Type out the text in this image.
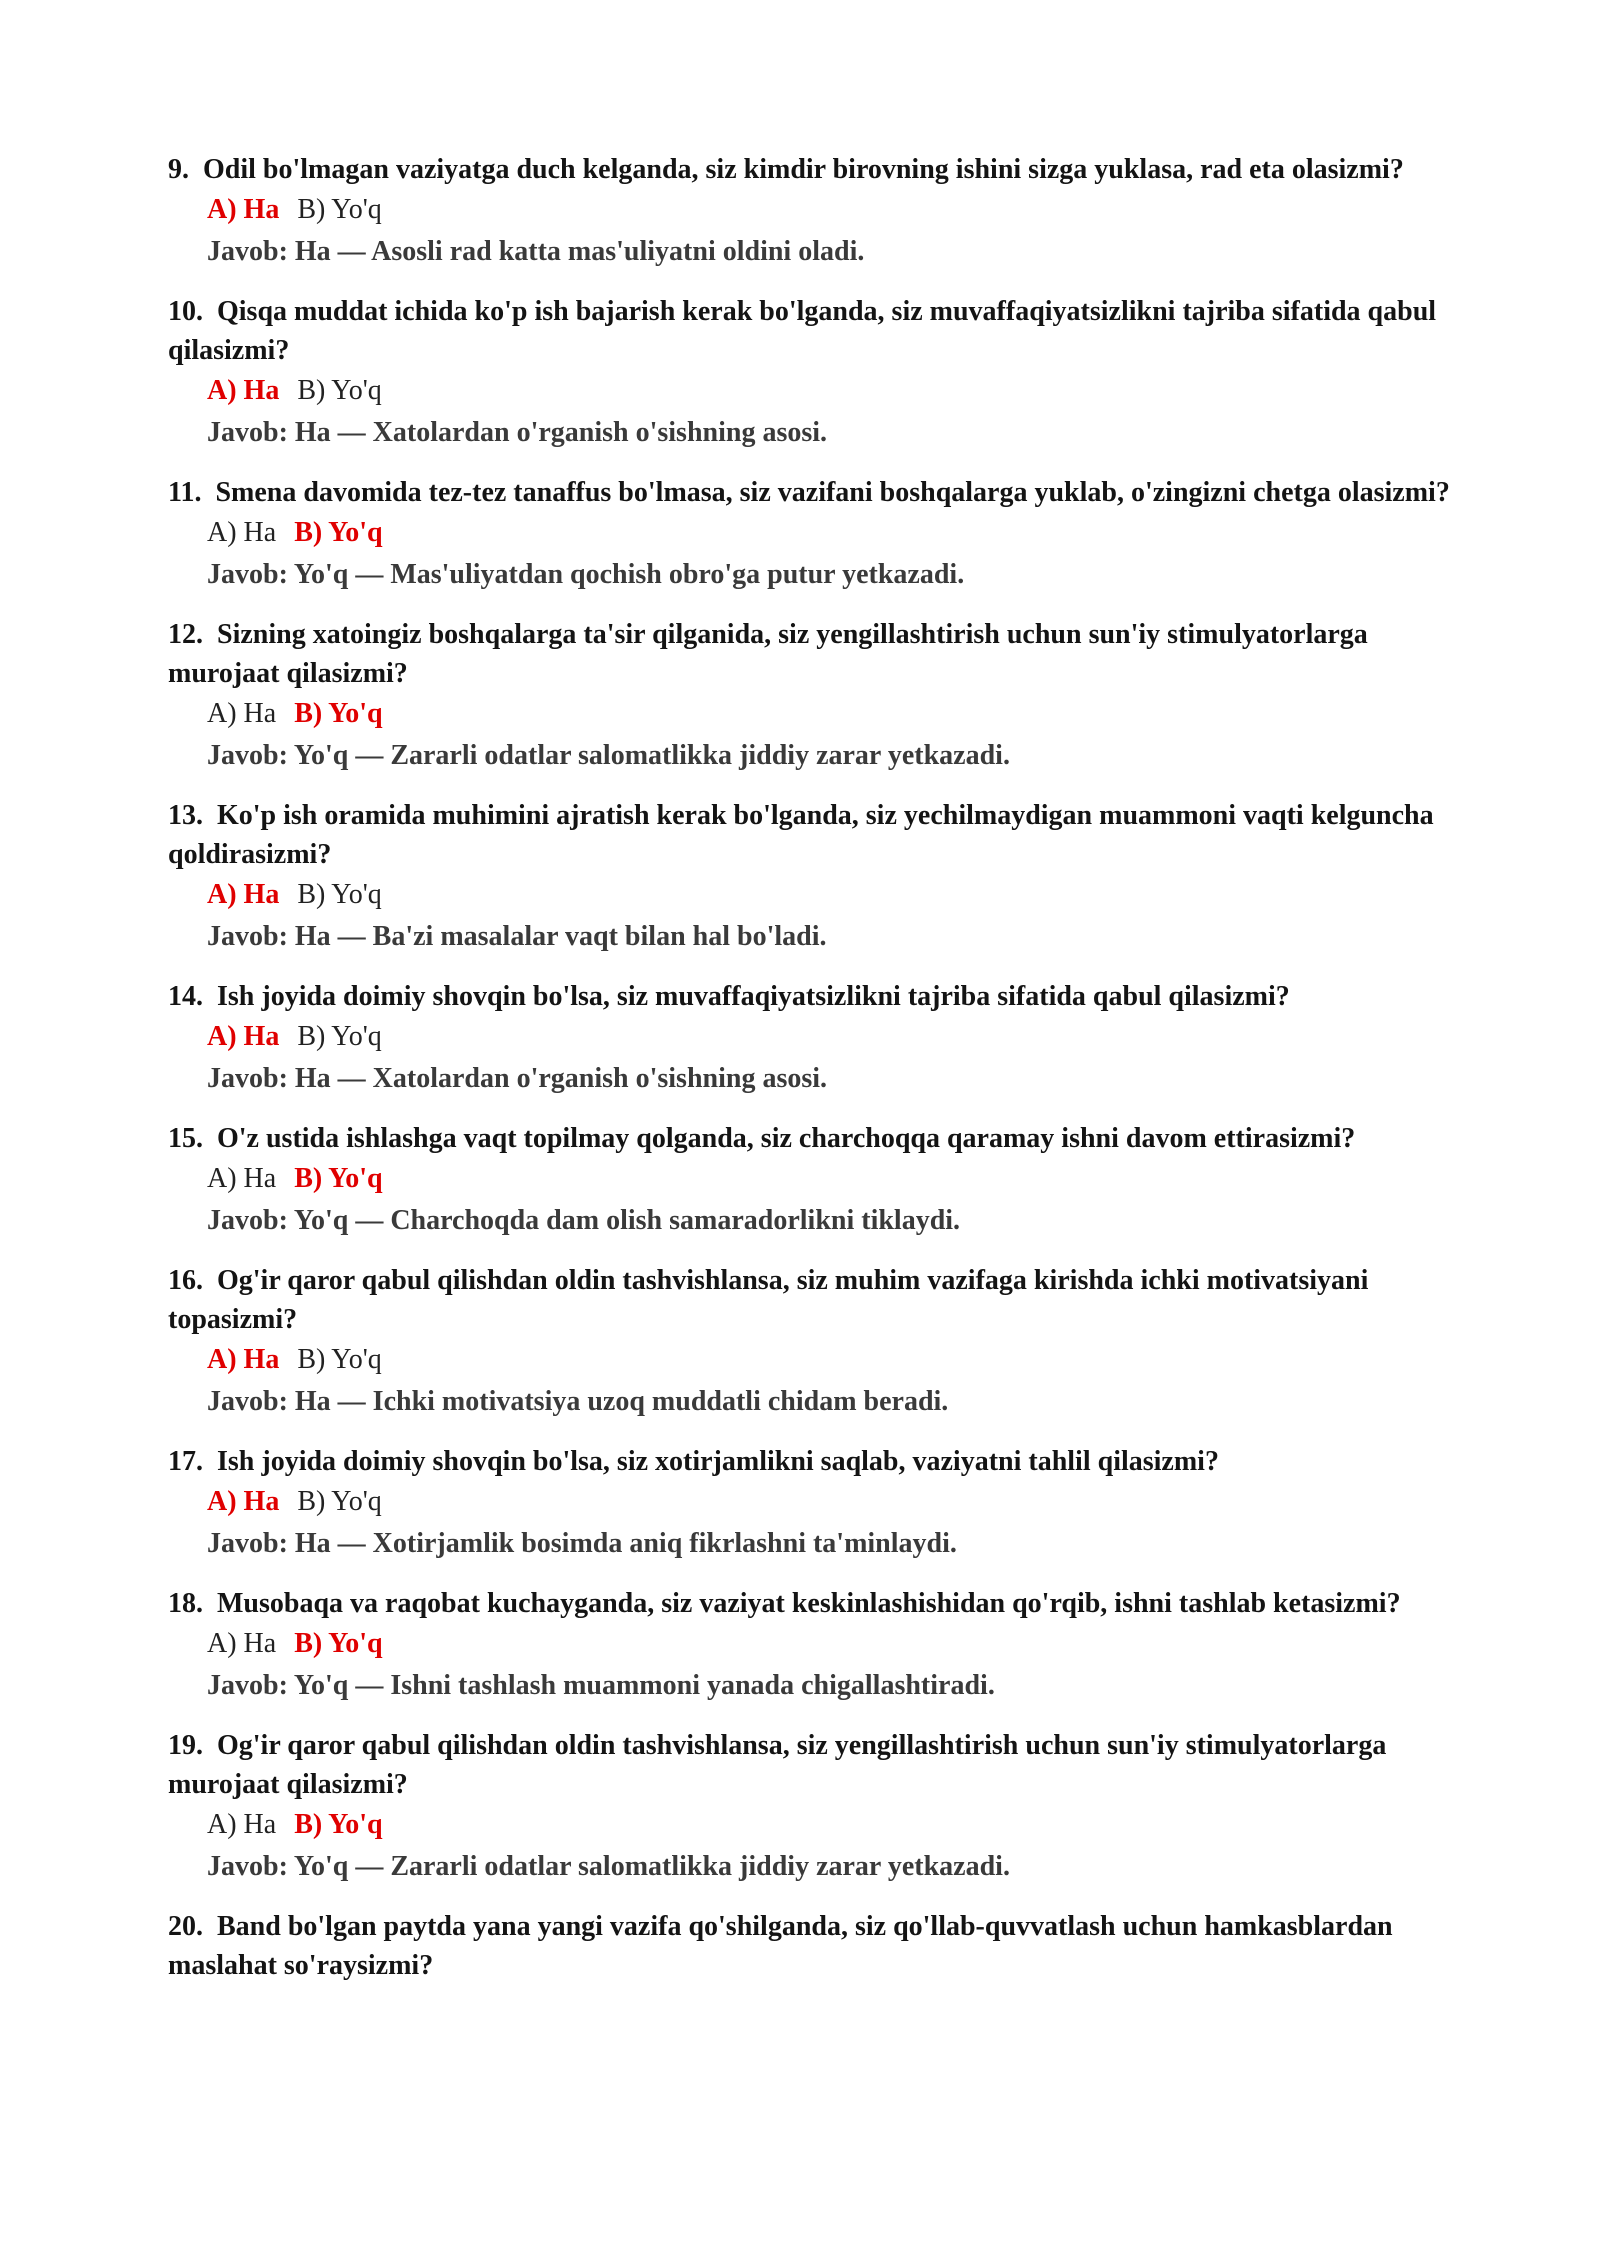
9. Odil bo'lmagan vaziyatga duch kelganda, siz kimdir birovning ishini sizga yuklasa, rad eta olasizmi?
A) Ha B) Yo'q
Javob: Ha — Asosli rad katta mas'uliyatni oldini oladi.
10. Qisqa muddat ichida ko'p ish bajarish kerak bo'lganda, siz muvaffaqiyatsizlikni tajriba sifatida qabul qilasizmi?
A) Ha B) Yo'q
Javob: Ha — Xatolardan o'rganish o'sishning asosi.
11. Smena davomida tez-tez tanaffus bo'lmasa, siz vazifani boshqalarga yuklab, o'zingizni chetga olasizmi?
A) Ha B) Yo'q
Javob: Yo'q — Mas'uliyatdan qochish obro'ga putur yetkazadi.
12. Sizning xatoingiz boshqalarga ta'sir qilganida, siz yengillashtirish uchun sun'iy stimulyatorlarga murojaat qilasizmi?
A) Ha B) Yo'q
Javob: Yo'q — Zararli odatlar salomatlikka jiddiy zarar yetkazadi.
13. Ko'p ish oramida muhimini ajratish kerak bo'lganda, siz yechilmaydigan muammoni vaqti kelguncha qoldirasizmi?
A) Ha B) Yo'q
Javob: Ha — Ba'zi masalalar vaqt bilan hal bo'ladi.
14. Ish joyida doimiy shovqin bo'lsa, siz muvaffaqiyatsizlikni tajriba sifatida qabul qilasizmi?
A) Ha B) Yo'q
Javob: Ha — Xatolardan o'rganish o'sishning asosi.
15. O'z ustida ishlashga vaqt topilmay qolganda, siz charchoqqa qaramay ishni davom ettirasizmi?
A) Ha B) Yo'q
Javob: Yo'q — Charchoqda dam olish samaradorlikni tiklaydi.
16. Og'ir qaror qabul qilishdan oldin tashvishlansa, siz muhim vazifaga kirishda ichki motivatsiyani topasizmi?
A) Ha B) Yo'q
Javob: Ha — Ichki motivatsiya uzoq muddatli chidam beradi.
17. Ish joyida doimiy shovqin bo'lsa, siz xotirjamlikni saqlab, vaziyatni tahlil qilasizmi?
A) Ha B) Yo'q
Javob: Ha — Xotirjamlik bosimda aniq fikrlashni ta'minlaydi.
18. Musobaqa va raqobat kuchayganda, siz vaziyat keskinlashishidan qo'rqib, ishni tashlab ketasizmi?
A) Ha B) Yo'q
Javob: Yo'q — Ishni tashlash muammoni yanada chigallashtiradi.
19. Og'ir qaror qabul qilishdan oldin tashvishlansa, siz yengillashtirish uchun sun'iy stimulyatorlarga murojaat qilasizmi?
A) Ha B) Yo'q
Javob: Yo'q — Zararli odatlar salomatlikka jiddiy zarar yetkazadi.
20. Band bo'lgan paytda yana yangi vazifa qo'shilganda, siz qo'llab-quvvatlash uchun hamkasblardan maslahat so'raysizmi?
